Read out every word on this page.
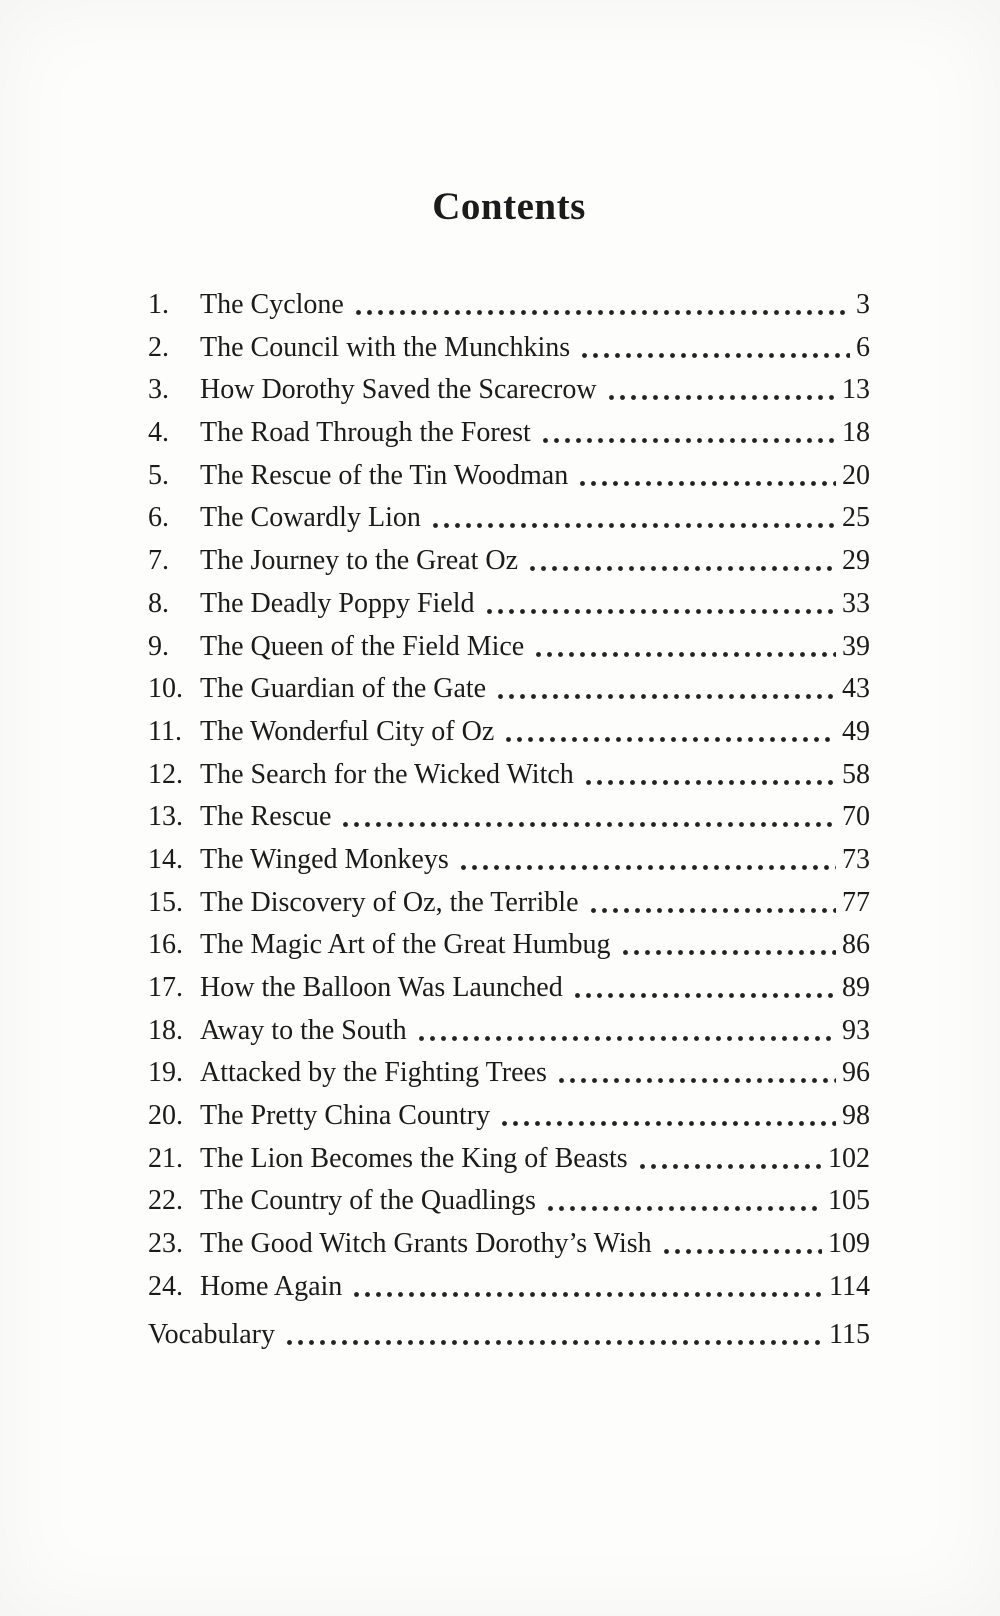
Contents
1.	The Cyclone	3
2.	The Council with the Munchkins	6
3.	How Dorothy Saved the Scarecrow	13
4.	The Road Through the Forest	18
5.	The Rescue of the Tin Woodman	20
6.	The Cowardly Lion	25
7.	The Journey to the Great Oz	29
8.	The Deadly Poppy Field	33
9.	The Queen of the Field Mice	39
10. The Guardian of the Gate	43
11. The Wonderful City of Oz	49
12. The Search for the Wicked Witch	58
13. The Rescue	70
14. The Winged Monkeys	73
15. The Discovery of Oz, the Terrible	77
16. The Magic Art of the Great Humbug	86
17. How the Balloon Was Launched	89
18. Away to the South	93
19. Attacked by the Fighting Trees	96
20. The Pretty China Country	98
21. The Lion Becomes the King of Beasts	102
22. The Country of the Quadlings	105
23. The Good Witch Grants Dorothy’s Wish	109
24. Home Again	114
Vocabulary	115
